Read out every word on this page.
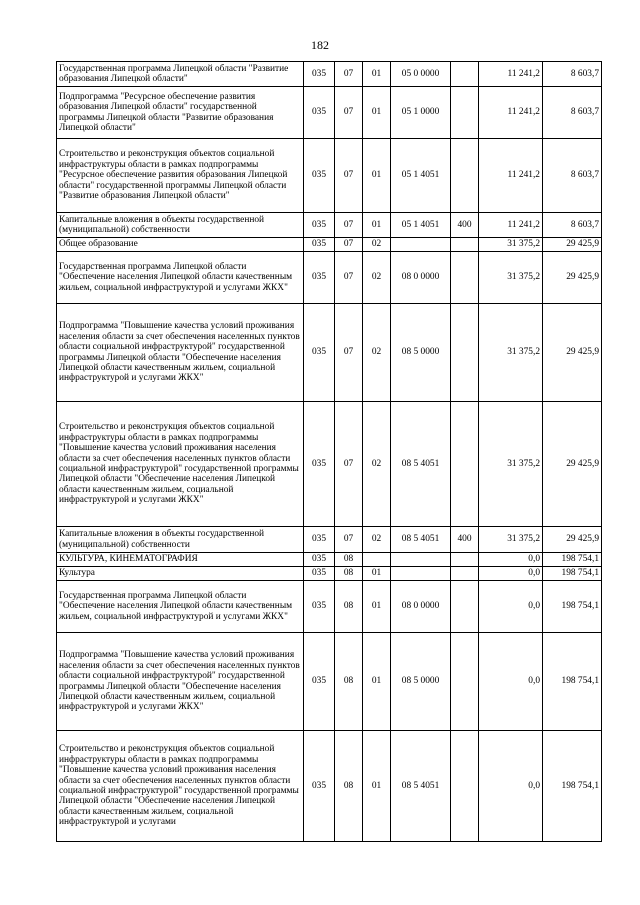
182
Государственная программа Липецкой области "Развитие образования Липецкой области"	035	07	01	05 0 0000		11 241,2	8 603,7
Подпрограмма "Ресурсное обеспечение развития образования Липецкой области" государственной программы Липецкой области "Развитие образования Липецкой области"	035	07	01	05 1 0000		11 241,2	8 603,7
Строительство и реконструкция объектов социальной инфраструктуры области в рамках подпрограммы "Ресурсное обеспечение развития образования Липецкой области" государственной программы Липецкой области "Развитие образования Липецкой области"	035	07	01	05 1 4051		11 241,2	8 603,7
Капитальные вложения в объекты государственной (муниципальной) собственности	035	07	01	05 1 4051	400	11 241,2	8 603,7
Общее образование	035	07	02			31 375,2	29 425,9
Государственная программа Липецкой области "Обеспечение населения Липецкой области качественным жильем, социальной инфраструктурой и услугами ЖКХ"	035	07	02	08 0 0000		31 375,2	29 425,9
Подпрограмма "Повышение качества условий проживания населения области за счет обеспечения населенных пунктов области социальной инфраструктурой" государственной программы Липецкой области "Обеспечение населения Липецкой области качественным жильем, социальной инфраструктурой и услугами ЖКХ"	035	07	02	08 5 0000		31 375,2	29 425,9
Строительство и реконструкция объектов социальной инфраструктуры области в рамках подпрограммы "Повышение качества условий проживания населения области за счет обеспечения населенных пунктов области социальной инфраструктурой" государственной программы Липецкой области "Обеспечение населения Липецкой области качественным жильем, социальной инфраструктурой и услугами ЖКХ"	035	07	02	08 5 4051		31 375,2	29 425,9
Капитальные вложения в объекты государственной (муниципальной) собственности	035	07	02	08 5 4051	400	31 375,2	29 425,9
КУЛЬТУРА, КИНЕМАТОГРАФИЯ	035	08				0,0	198 754,1
Культура	035	08	01			0,0	198 754,1
Государственная программа Липецкой области "Обеспечение населения Липецкой области качественным жильем, социальной инфраструктурой и услугами ЖКХ"	035	08	01	08 0 0000		0,0	198 754,1
Подпрограмма "Повышение качества условий проживания населения области за счет обеспечения населенных пунктов области социальной инфраструктурой" государственной программы Липецкой области "Обеспечение населения Липецкой области качественным жильем, социальной инфраструктурой и услугами ЖКХ"	035	08	01	08 5 0000		0,0	198 754,1
Строительство и реконструкция объектов социальной инфраструктуры области в рамках подпрограммы "Повышение качества условий проживания населения области за счет обеспечения населенных пунктов области социальной инфраструктурой" государственной программы Липецкой области "Обеспечение населения Липецкой области качественным жильем, социальной инфраструктурой и услугами	035	08	01	08 5 4051		0,0	198 754,1
